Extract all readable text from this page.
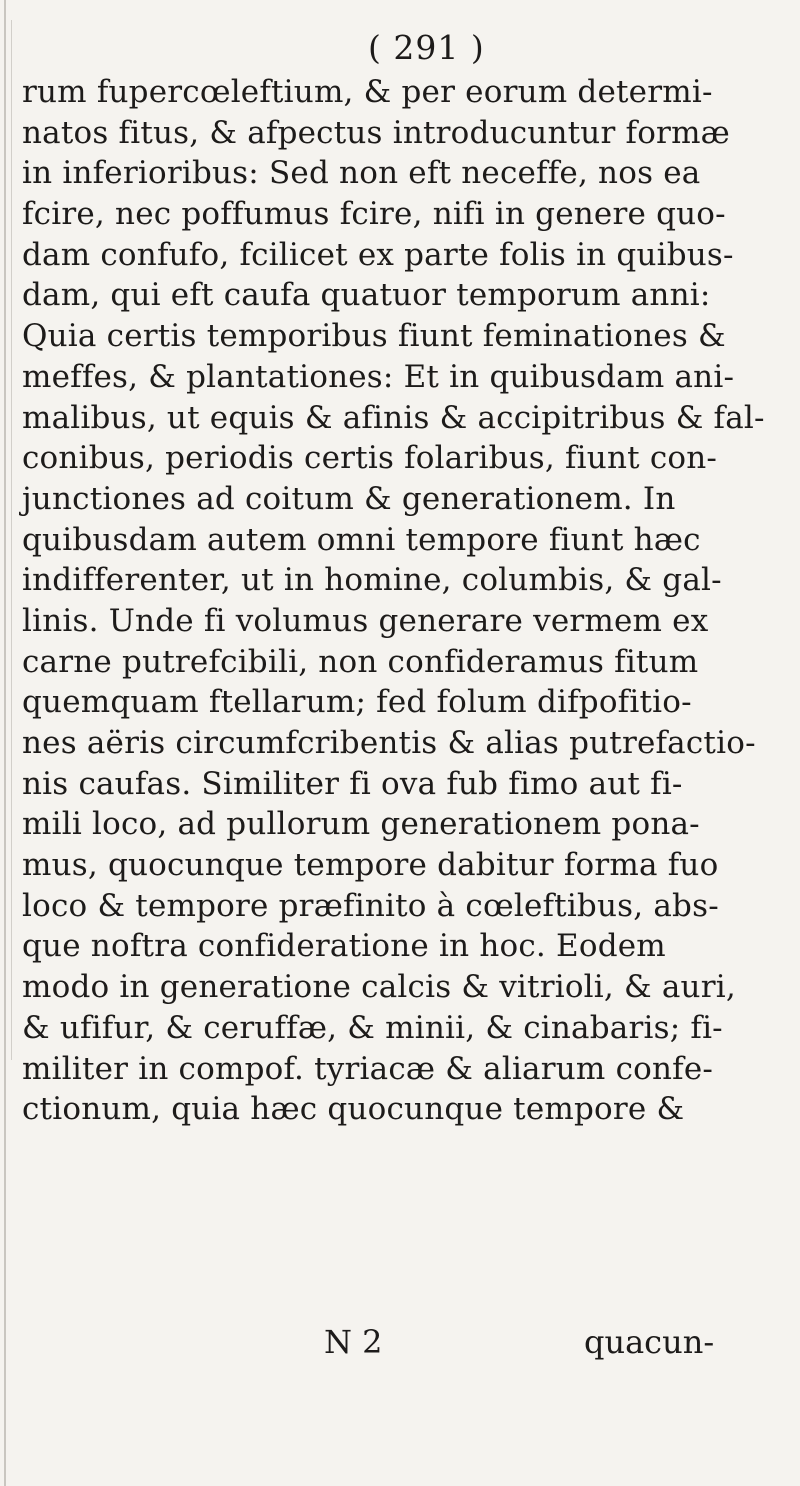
( 291 )
rum fupercœleftium, & per eorum determi-
natos fitus, & afpectus introducuntur formæ
in inferioribus: Sed non eft neceffe, nos ea
fcire, nec poffumus fcire, nifi in genere quo-
dam confufo, fcilicet ex parte folis in quibus-
dam, qui eft caufa quatuor temporum anni:
Quia certis temporibus fiunt feminationes &
meffes, & plantationes: Et in quibusdam ani-
malibus, ut equis & afinis & accipitribus & fal-
conibus, periodis certis folaribus, fiunt con-
junctiones ad coitum & generationem. In
quibusdam autem omni tempore fiunt hæc
indifferenter, ut in homine, columbis, & gal-
linis. Unde fi volumus generare vermem ex
carne putrefcibili, non confideramus fitum
quemquam ftellarum; fed folum difpofitio-
nes aëris circumfcribentis & alias putrefactio-
nis caufas. Similiter fi ova fub fimo aut fi-
mili loco, ad pullorum generationem pona-
mus, quocunque tempore dabitur forma fuo
loco & tempore præfinito à cœleftibus, abs-
que noftra confideratione in hoc. Eodem
modo in generatione calcis & vitrioli, & auri,
& ufifur, & ceruffæ, & minii, & cinabaris; fi-
militer in compof. tyriacæ & aliarum confe-
ctionum, quia hæc quocunque tempore &
N 2	quacun-
